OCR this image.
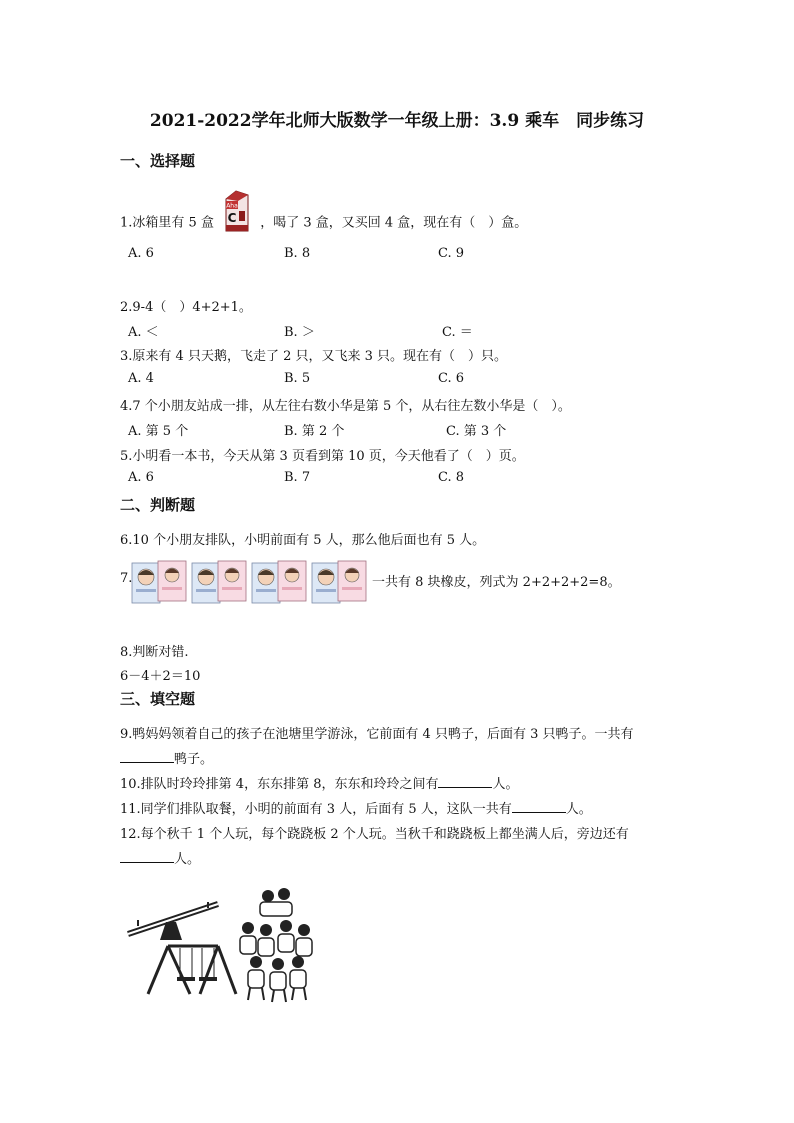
2021-2022学年北师大版数学一年级上册：3.9 乘车　同步练习
一、选择题
1.冰箱里有 5 盒
Aha
C ，喝了 3 盒，又买回 4 盒，现在有（　）盒。
A. 6	B. 8	C. 9
2.9-4（　）4+2+1。
A. ＜	B. ＞	C. ＝
3.原来有 4 只天鹅，飞走了 2 只，又飞来 3 只。现在有（　）只。
A. 4	B. 5	C. 6
4.7 个小朋友站成一排，从左往右数小华是第 5 个，从右往左数小华是（　）。
A. 第 5 个	B. 第 2 个	C. 第 3 个
5.小明看一本书，今天从第 3 页看到第 10 页，今天他看了（　）页。
A. 6	B. 7	C. 8
二、判断题
6.10 个小朋友排队，小明前面有 5 人，那么他后面也有 5 人。
7.	一共有 8 块橡皮，列式为 2+2+2+2=8。
8.判断对错.
6－4＋2＝10
三、填空题
9.鸭妈妈领着自己的孩子在池塘里学游泳，它前面有 4 只鸭子，后面有 3 只鸭子。一共有
鸭子。
10.排队时玲玲排第 4，东东排第 8，东东和玲玲之间有	人。
11.同学们排队取餐，小明的前面有 3 人，后面有 5 人，这队一共有	人。
12.每个秋千 1 个人玩，每个跷跷板 2 个人玩。当秋千和跷跷板上都坐满人后，旁边还有
人。
